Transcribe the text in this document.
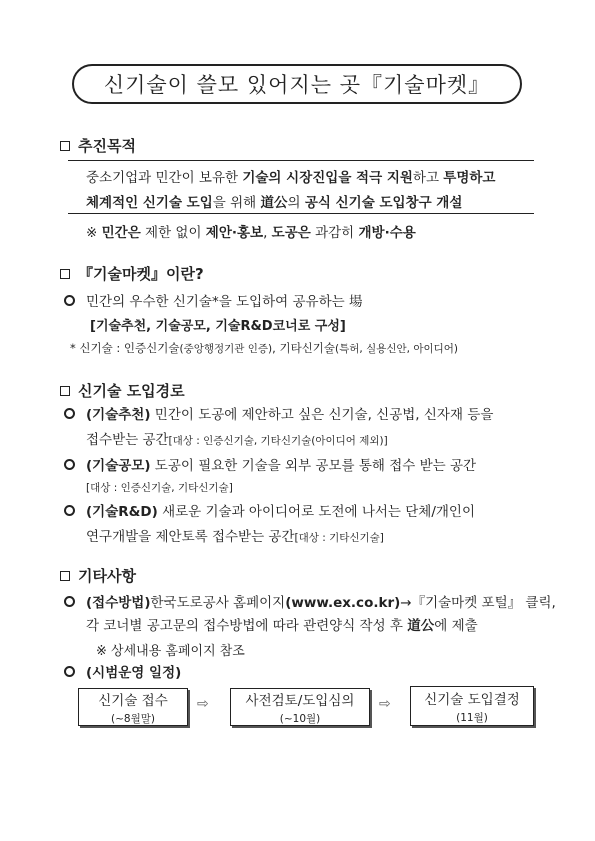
신기술이 쓸모 있어지는 곳『기술마켓』
추진목적
중소기업과 민간이 보유한 기술의 시장진입을 적극 지원하고 투명하고
체계적인 신기술 도입을 위해 道公의 공식 신기술 도입창구 개설
※ 민간은 제한 없이 제안·홍보, 도공은 과감히 개방·수용
『기술마켓』이란?
민간의 우수한 신기술*을 도입하여 공유하는 場
[기술추천, 기술공모, 기술R&D코너로 구성]
* 신기술 : 인증신기술(중앙행정기관 인증), 기타신기술(특허, 실용신안, 아이디어)
신기술 도입경로
(기술추천) 민간이 도공에 제안하고 싶은 신기술, 신공법, 신자재 등을
접수받는 공간[대상 : 인증신기술, 기타신기술(아이디어 제외)]
(기술공모) 도공이 필요한 기술을 외부 공모를 통해 접수 받는 공간
[대상 : 인증신기술, 기타신기술]
(기술R&D) 새로운 기술과 아이디어로 도전에 나서는 단체/개인이
연구개발을 제안토록 접수받는 공간[대상 : 기타신기술]
기타사항
(접수방법)한국도로공사 홈페이지(www.ex.co.kr)→『기술마켓 포털』 클릭,
각 코너별 공고문의 접수방법에 따라 관련양식 작성 후 道公에 제출
※ 상세내용 홈페이지 참조
(시범운영 일정)
신기술 접수
(~8월말)
⇨	사전검토/도입심의
(~10월)
⇨ 신기술 도입결정
(11월)
